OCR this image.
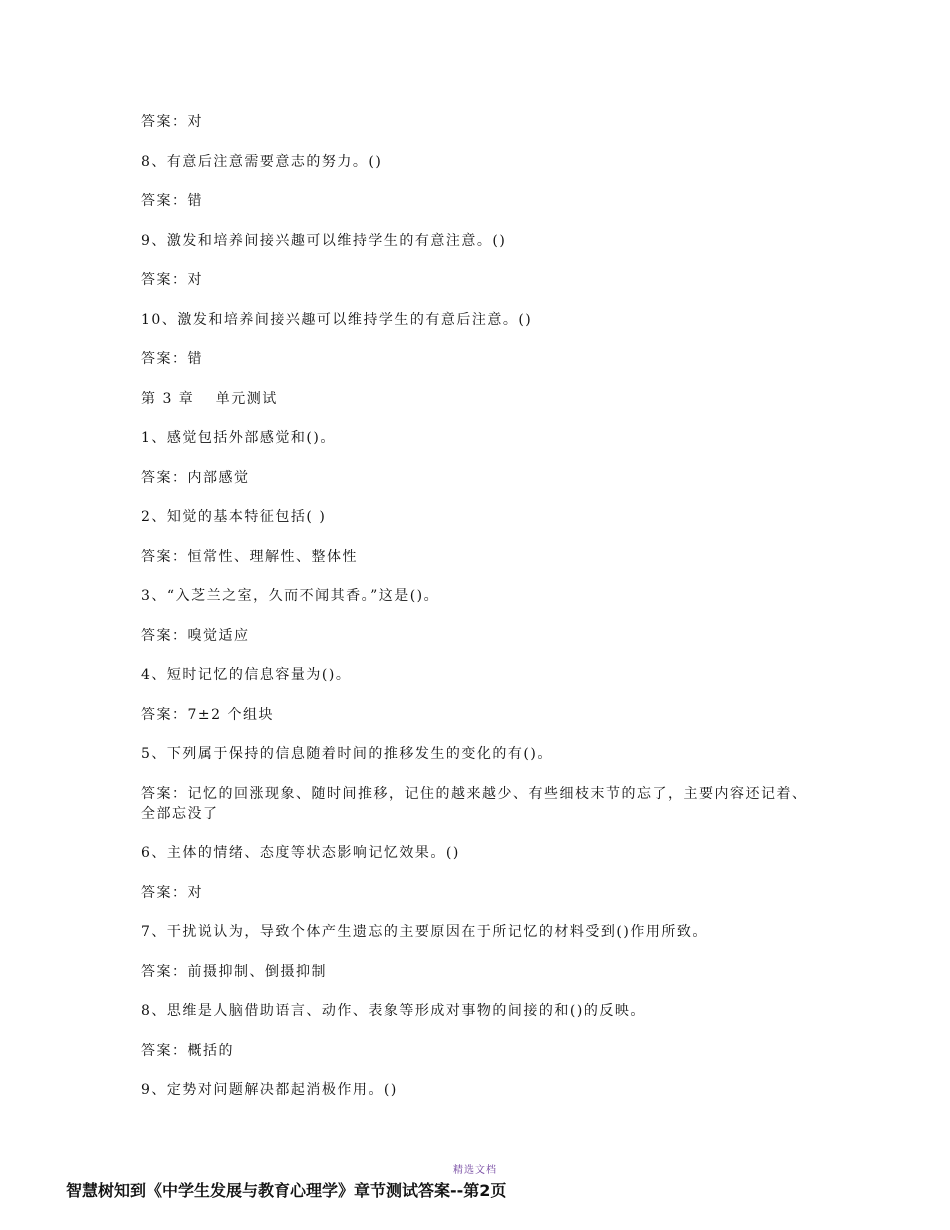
答案：对

8、有意后注意需要意志的努力。()

答案：错

9、激发和培养间接兴趣可以维持学生的有意注意。()

答案：对

10、激发和培养间接兴趣可以维持学生的有意后注意。()

答案：错

第 3 章　 单元测试

1、感觉包括外部感觉和()。

答案：内部感觉

2、知觉的基本特征包括( )

答案：恒常性、理解性、整体性

3、“入芝兰之室，久而不闻其香。”这是()。

答案：嗅觉适应

4、短时记忆的信息容量为()。

答案：7±2 个组块

5、下列属于保持的信息随着时间的推移发生的变化的有()。

答案：记忆的回涨现象、随时间推移，记住的越来越少、有些细枝末节的忘了，主要内容还记着、全部忘没了

6、主体的情绪、态度等状态影响记忆效果。()

答案：对

7、干扰说认为，导致个体产生遗忘的主要原因在于所记忆的材料受到()作用所致。

答案：前摄抑制、倒摄抑制

8、思维是人脑借助语言、动作、表象等形成对事物的间接的和()的反映。

答案：概括的

9、定势对问题解决都起消极作用。()

精选文档
智慧树知到《中学生发展与教育心理学》章节测试答案--第2页
